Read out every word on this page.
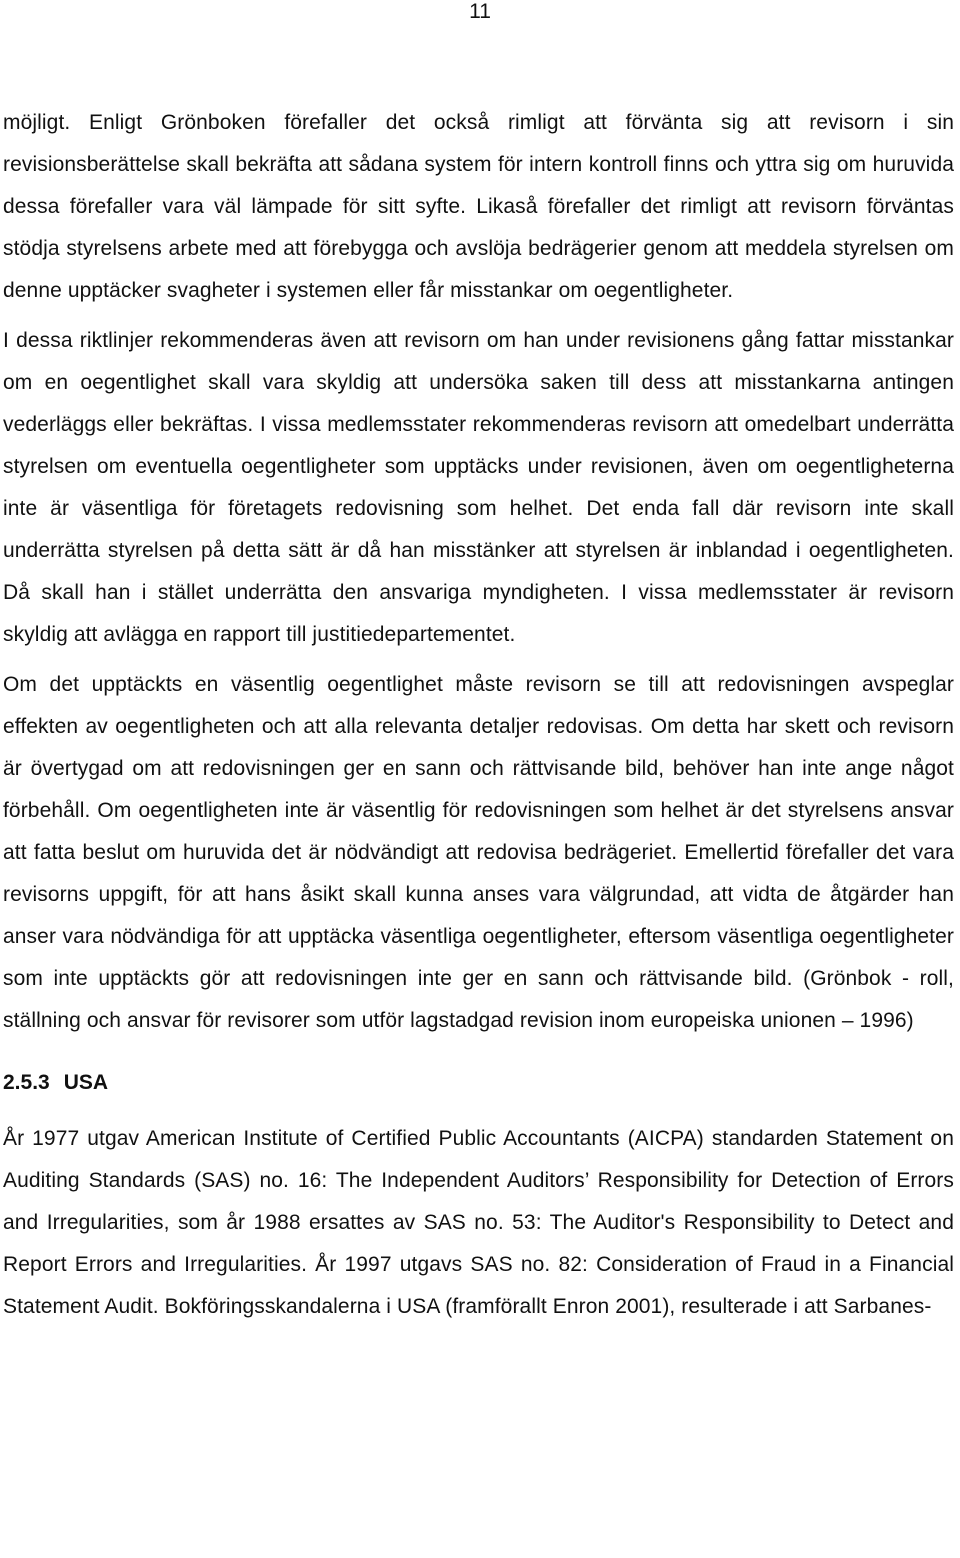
11

möjligt. Enligt Grönboken förefaller det också rimligt att förvänta sig att revisorn i sin revisionsberättelse skall bekräfta att sådana system för intern kontroll finns och yttra sig om huruvida dessa förefaller vara väl lämpade för sitt syfte. Likaså förefaller det rimligt att revisorn förväntas stödja styrelsens arbete med att förebygga och avslöja bedrägerier genom att meddela styrelsen om denne upptäcker svagheter i systemen eller får misstankar om oegentligheter.

I dessa riktlinjer rekommenderas även att revisorn om han under revisionens gång fattar misstankar om en oegentlighet skall vara skyldig att undersöka saken till dess att misstankarna antingen vederläggs eller bekräftas. I vissa medlemsstater rekommenderas revisorn att omedelbart underrätta styrelsen om eventuella oegentligheter som upptäcks under revisionen, även om oegentligheterna inte är väsentliga för företagets redovisning som helhet. Det enda fall där revisorn inte skall underrätta styrelsen på detta sätt är då han misstänker att styrelsen är inblandad i oegentligheten. Då skall han i stället underrätta den ansvariga myndigheten. I vissa medlemsstater är revisorn skyldig att avlägga en rapport till justitiedepartementet.

Om det upptäckts en väsentlig oegentlighet måste revisorn se till att redovisningen avspeglar effekten av oegentligheten och att alla relevanta detaljer redovisas. Om detta har skett och revisorn är övertygad om att redovisningen ger en sann och rättvisande bild, behöver han inte ange något förbehåll. Om oegentligheten inte är väsentlig för redovisningen som helhet är det styrelsens ansvar att fatta beslut om huruvida det är nödvändigt att redovisa bedrägeriet. Emellertid förefaller det vara revisorns uppgift, för att hans åsikt skall kunna anses vara välgrundad, att vidta de åtgärder han anser vara nödvändiga för att upptäcka väsentliga oegentligheter, eftersom väsentliga oegentligheter som inte upptäckts gör att redovisningen inte ger en sann och rättvisande bild. (Grönbok - roll, ställning och ansvar för revisorer som utför lagstadgad revision inom europeiska unionen – 1996)

2.5.3 USA

År 1977 utgav American Institute of Certified Public Accountants (AICPA) standarden Statement on Auditing Standards (SAS) no. 16: The Independent Auditors’ Responsibility for Detection of Errors and Irregularities, som år 1988 ersattes av SAS no. 53: The Auditor's Responsibility to Detect and Report Errors and Irregularities. År 1997 utgavs SAS no. 82: Consideration of Fraud in a Financial Statement Audit. Bokföringsskandalerna i USA (framförallt Enron 2001), resulterade i att Sarbanes-
